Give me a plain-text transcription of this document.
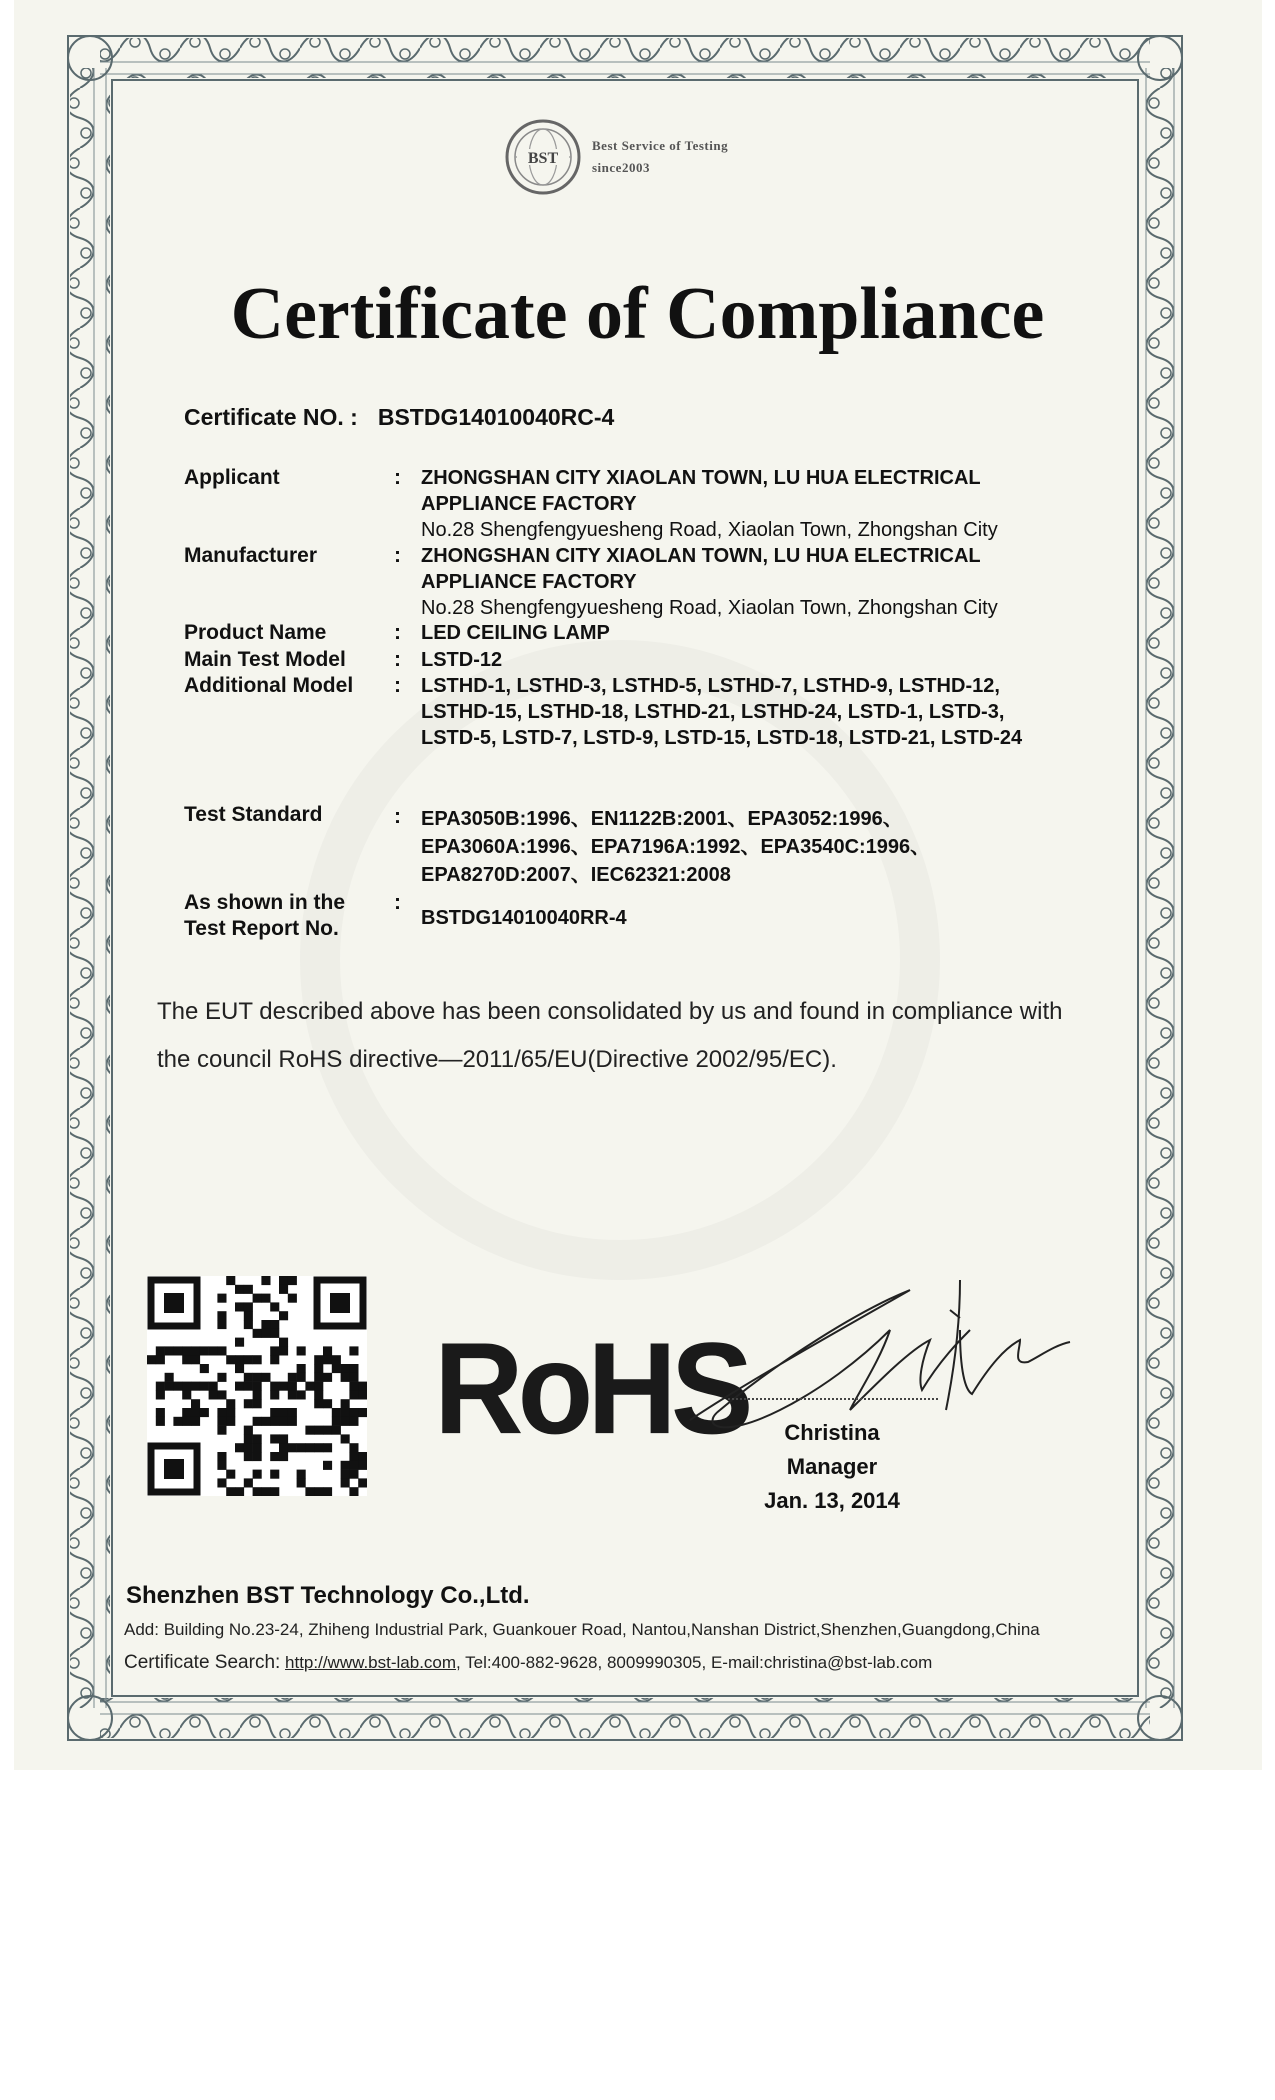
BST
Best Service of Testing
since2003
Certificate of Compliance
Certificate NO. : BSTDG14010040RC-4
Applicant	: ZHONGSHAN CITY XIAOLAN TOWN, LU HUA ELECTRICAL
APPLIANCE FACTORY
No.28 Shengfengyuesheng Road, Xiaolan Town, Zhongshan City
Manufacturer	: ZHONGSHAN CITY XIAOLAN TOWN, LU HUA ELECTRICAL
APPLIANCE FACTORY
No.28 Shengfengyuesheng Road, Xiaolan Town, Zhongshan City
Product Name	: LED CEILING LAMP
Main Test Model : LSTD-12
Additional Model : LSTHD-1, LSTHD-3, LSTHD-5, LSTHD-7, LSTHD-9, LSTHD-12,
LSTHD-15, LSTHD-18, LSTHD-21, LSTHD-24, LSTD-1, LSTD-3,
LSTD-5, LSTD-7, LSTD-9, LSTD-15, LSTD-18, LSTD-21, LSTD-24
Test Standard	: EPA3050B:1996、EN1122B:2001、EPA3052:1996、
EPA3060A:1996、EPA7196A:1992、EPA3540C:1996、
EPA8270D:2007、IEC62321:2008
As shown in the
Test Report No.
:
BSTDG14010040RR-4
The EUT described above has been consolidated by us and found in compliance with
the council RoHS directive—2011/65/EU(Directive 2002/95/EC).
RoHS	Christina
Manager
Jan. 13, 2014
Shenzhen BST Technology Co.,Ltd.
Add: Building No.23-24, Zhiheng Industrial Park, Guankouer Road, Nantou,Nanshan District,Shenzhen,Guangdong,China
Certificate Search: http://www.bst-lab.com, Tel:400-882-9628, 8009990305, E-mail:christina@bst-lab.com
